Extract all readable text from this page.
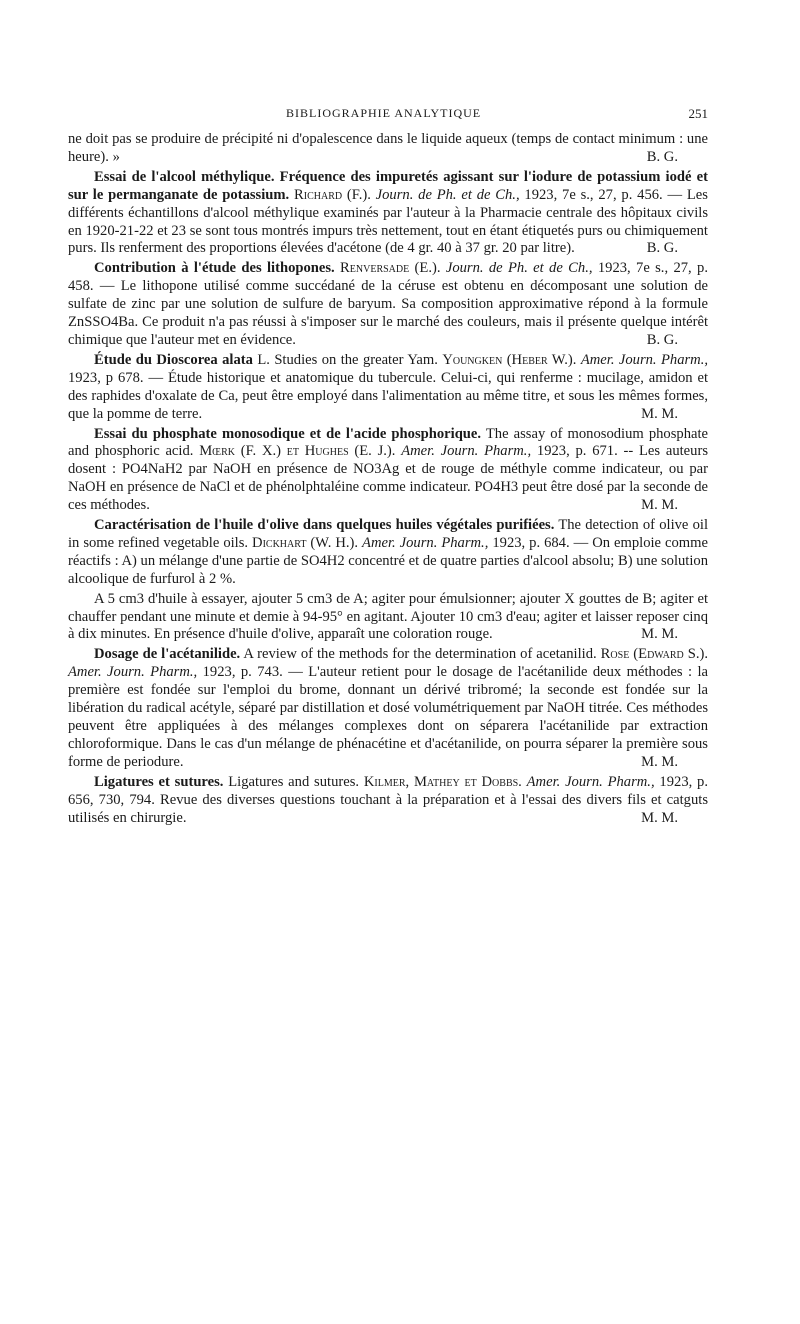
BIBLIOGRAPHIE ANALYTIQUE	251

ne doit pas se produire de précipité ni d'opalescence dans le liquide aqueux (temps de contact minimum : une heure). »	B. G.

Essai de l'alcool méthylique. Fréquence des impuretés agissant sur l'iodure de potassium iodé et sur le permanganate de potassium. Richard (F.). Journ. de Ph. et de Ch., 1923, 7e s., 27, p. 456. — Les différents échantillons d'alcool méthylique examinés par l'auteur à la Pharmacie centrale des hôpitaux civils en 1920-21-22 et 23 se sont tous montrés impurs très nettement, tout en étant étiquetés purs ou chimiquement purs. Ils renferment des proportions élevées d'acétone (de 4 gr. 40 à 37 gr. 20 par litre).	B. G.

Contribution à l'étude des lithopones. Renversade (E.). Journ. de Ph. et de Ch., 1923, 7e s., 27, p. 458. — Le lithopone utilisé comme succédané de la céruse est obtenu en décomposant une solution de sulfate de zinc par une solution de sulfure de baryum. Sa composition approximative répond à la formule ZnSSO4Ba. Ce produit n'a pas réussi à s'imposer sur le marché des couleurs, mais il présente quelque intérêt chimique que l'auteur met en évidence.	B. G.

Étude du Dioscorea alata L. Studies on the greater Yam. Youngken (Heber W.). Amer. Journ. Pharm., 1923, p 678. — Étude historique et anatomique du tubercule. Celui-ci, qui renferme : mucilage, amidon et des raphides d'oxalate de Ca, peut être employé dans l'alimentation au même titre, et sous les mêmes formes, que la pomme de terre.	M. M.

Essai du phosphate monosodique et de l'acide phosphorique. The assay of monosodium phosphate and phosphoric acid. Mœrk (F. X.) et Hughes (E. J.). Amer. Journ. Pharm., 1923, p. 671. -- Les auteurs dosent : PO4NaH2 par NaOH en présence de NO3Ag et de rouge de méthyle comme indicateur, ou par NaOH en présence de NaCl et de phénolphtaléine comme indicateur. PO4H3 peut être dosé par la seconde de ces méthodes.	M. M.

Caractérisation de l'huile d'olive dans quelques huiles végétales purifiées. The detection of olive oil in some refined vegetable oils. Dickhart (W. H.). Amer. Journ. Pharm., 1923, p. 684. — On emploie comme réactifs : A) un mélange d'une partie de SO4H2 concentré et de quatre parties d'alcool absolu; B) une solution alcoolique de furfurol à 2 %.

A 5 cm3 d'huile à essayer, ajouter 5 cm3 de A; agiter pour émulsionner; ajouter X gouttes de B; agiter et chauffer pendant une minute et demie à 94-95° en agitant. Ajouter 10 cm3 d'eau; agiter et laisser reposer cinq à dix minutes. En présence d'huile d'olive, apparaît une coloration rouge.	M. M.

Dosage de l'acétanilide. A review of the methods for the determination of acetanilid. Rose (Edward S.). Amer. Journ. Pharm., 1923, p. 743. — L'auteur retient pour le dosage de l'acétanilide deux méthodes : la première est fondée sur l'emploi du brome, donnant un dérivé tribromé; la seconde est fondée sur la libération du radical acétyle, séparé par distillation et dosé volumétriquement par NaOH titrée. Ces méthodes peuvent être appliquées à des mélanges complexes dont on séparera l'acétanilide par extraction chloroformique. Dans le cas d'un mélange de phénacétine et d'acétanilide, on pourra séparer la première sous forme de periodure.	M. M.

Ligatures et sutures. Ligatures and sutures. Kilmer, Mathey et Dobbs. Amer. Journ. Pharm., 1923, p. 656, 730, 794. Revue des diverses questions touchant à la préparation et à l'essai des divers fils et catguts utilisés en chirurgie.	M. M.
